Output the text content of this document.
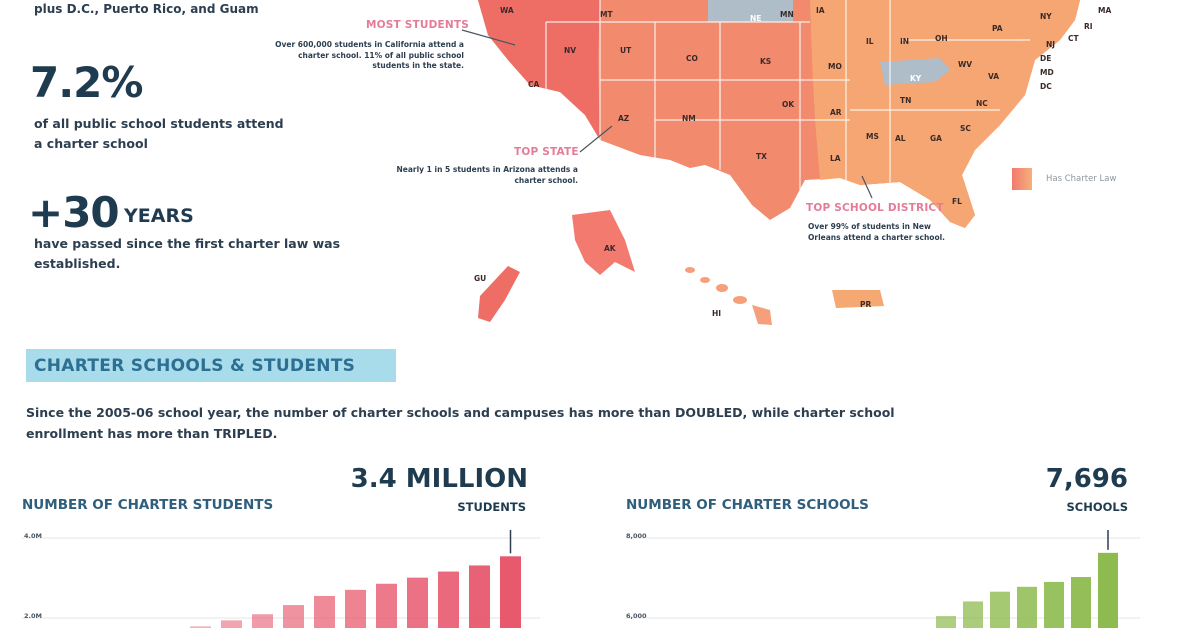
plus D.C., Puerto Rico, and Guam
7.2%
of all public school students attend a charter school
+30 YEARS
have passed since the first charter law was established.
WA	MT	MN
NV	UT
CO	KS
MO
IL	IN	OH
PA
NY
MA
CT
RI
NJ
DE
MD
DC
CA
AZ	NM
OK
AR
TN	NC
VA
WV
KY
IA
NE
TX	LA
MS AL	GA
SC
FL
AK
HI
GU
PR
MOST STUDENTS
Over 600,000 students in California attend a charter school. 11% of all public school students in the state.
TOP STATE
Nearly 1 in 5 students in Arizona attends a charter school.
TOP SCHOOL DISTRICT
Over 99% of students in New Orleans attend a charter school.
Has Charter Law
CHARTER SCHOOLS & STUDENTS
Since the 2005-06 school year, the number of charter schools and campuses has more than DOUBLED, while charter school enrollment has more than TRIPLED.
NUMBER OF CHARTER STUDENTS
3.4 MILLION
STUDENTS	NUMBER OF CHARTER SCHOOLS
7,696
SCHOOLS
4.0M
2.0M
8,000
6,000
